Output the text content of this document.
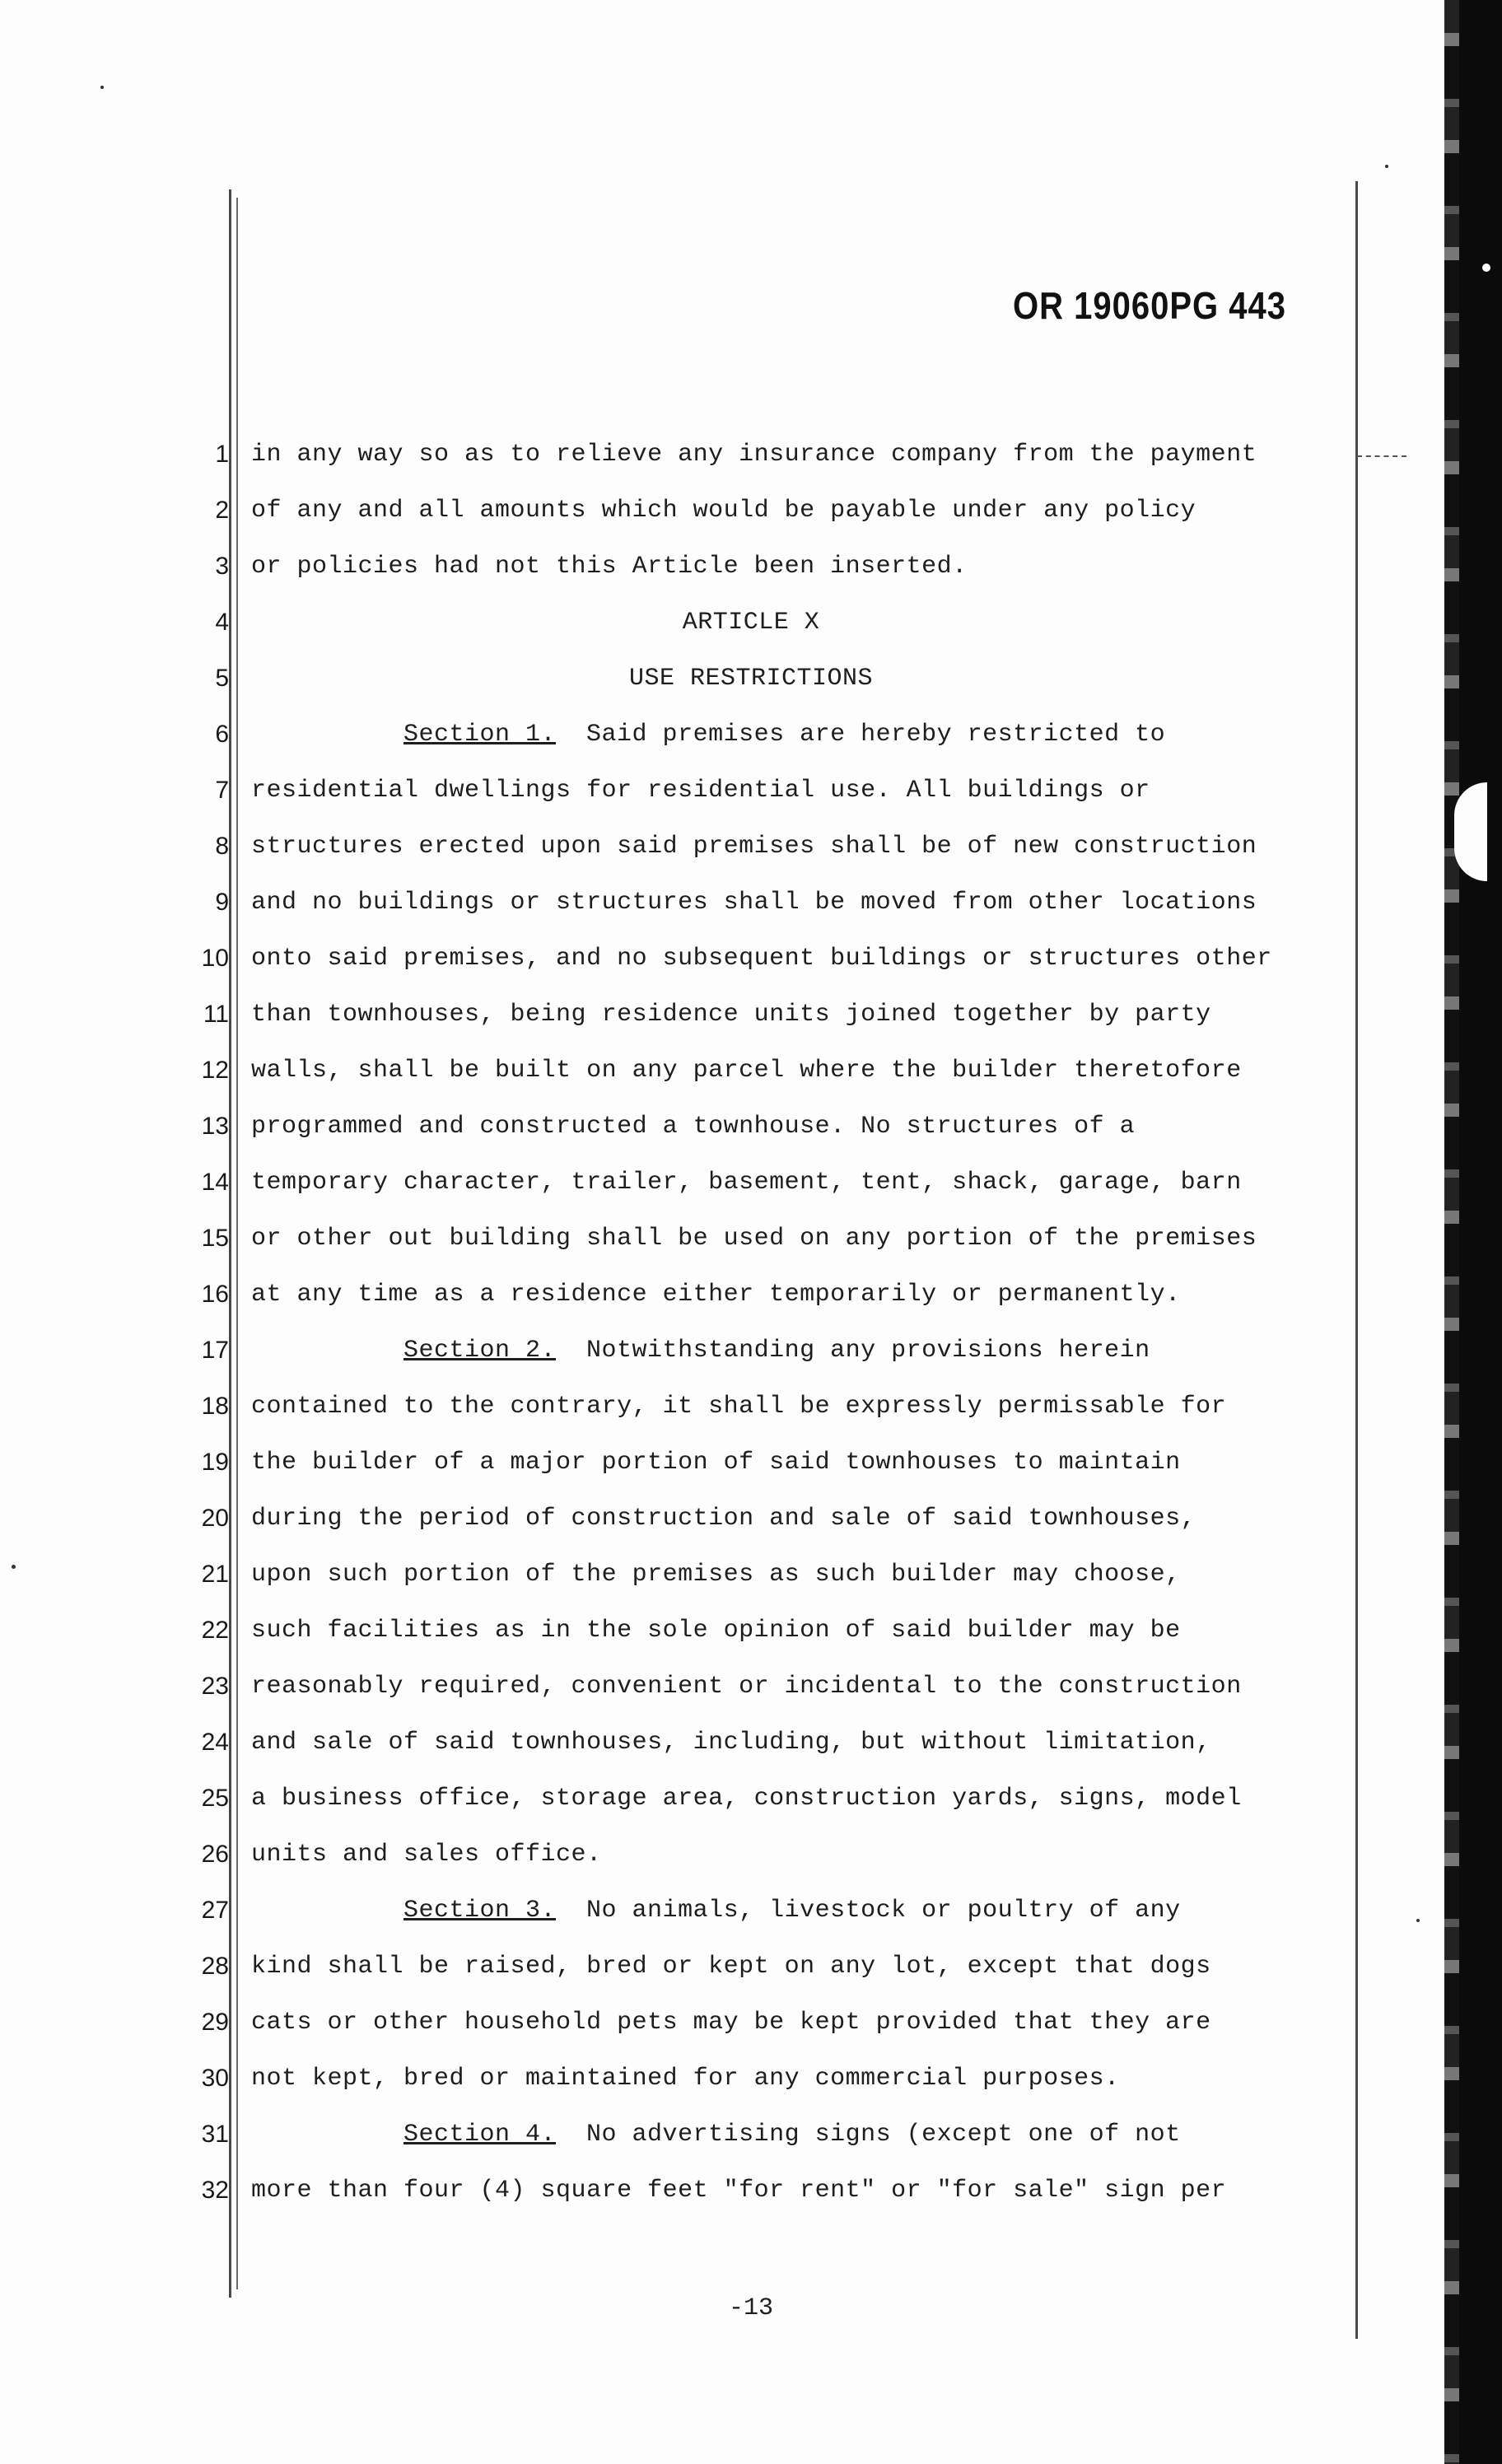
OR 19060PG 443
1
2
3
4
5
6
7
8
9
10
11
12
13
14
15
16
17
18
19
20
21
22
23
24
25
26
27
28
29
30
31
32
in any way so as to relieve any insurance company from the payment
of any and all amounts which would be payable under any policy
or policies had not this Article been inserted.
ARTICLE X
USE RESTRICTIONS
Section 1. Said premises are hereby restricted to
residential dwellings for residential use. All buildings or
structures erected upon said premises shall be of new construction
and no buildings or structures shall be moved from other locations
onto said premises, and no subsequent buildings or structures other
than townhouses, being residence units joined together by party
walls, shall be built on any parcel where the builder theretofore
programmed and constructed a townhouse. No structures of a
temporary character, trailer, basement, tent, shack, garage, barn
or other out building shall be used on any portion of the premises
at any time as a residence either temporarily or permanently.
Section 2. Notwithstanding any provisions herein
contained to the contrary, it shall be expressly permissable for
the builder of a major portion of said townhouses to maintain
during the period of construction and sale of said townhouses,
upon such portion of the premises as such builder may choose,
such facilities as in the sole opinion of said builder may be
reasonably required, convenient or incidental to the construction
and sale of said townhouses, including, but without limitation,
a business office, storage area, construction yards, signs, model
units and sales office.
Section 3. No animals, livestock or poultry of any
kind shall be raised, bred or kept on any lot, except that dogs
cats or other household pets may be kept provided that they are
not kept, bred or maintained for any commercial purposes.
Section 4. No advertising signs (except one of not
more than four (4) square feet "for rent" or "for sale" sign per
-13
